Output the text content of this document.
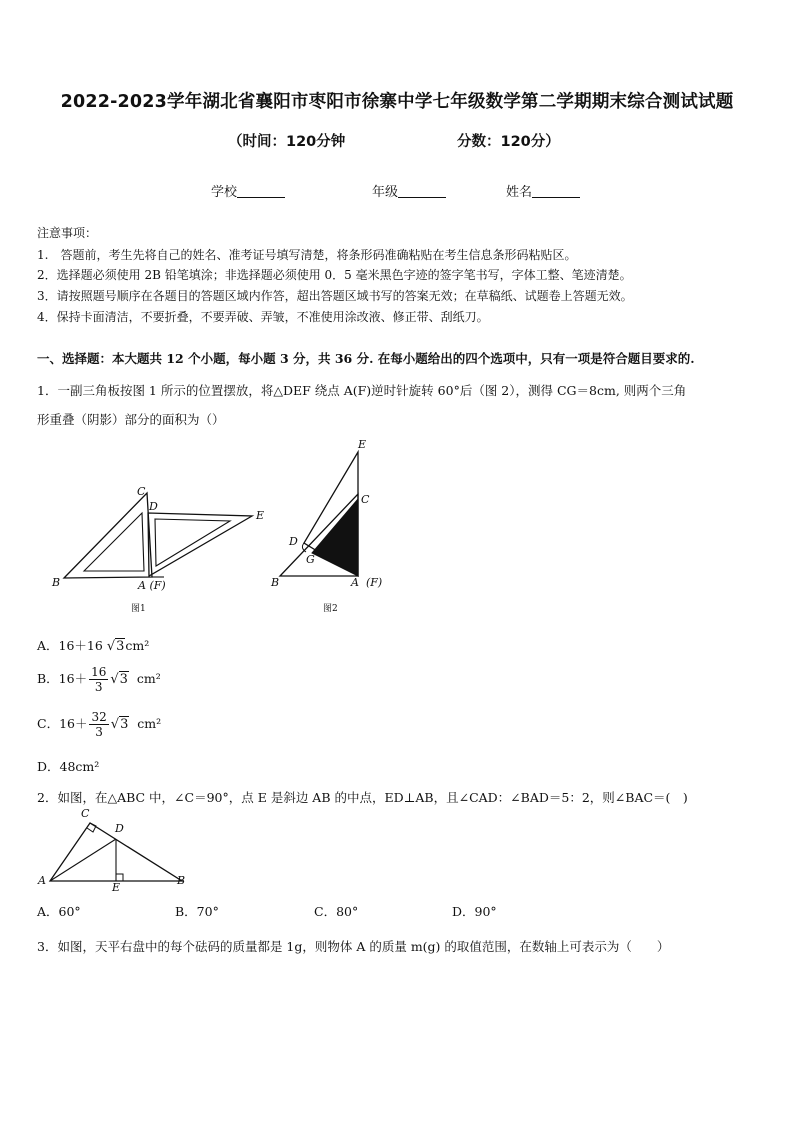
2022-2023学年湖北省襄阳市枣阳市徐寨中学七年级数学第二学期期末综合测试试题
（时间：120分钟	分数：120分）
学校	年级	姓名
注意事项：
1.　答题前，考生先将自己的姓名、准考证号填写清楚，将条形码准确粘贴在考生信息条形码粘贴区。
2．选择题必须使用 2B 铅笔填涂；非选择题必须使用 0．5 毫米黑色字迹的签字笔书写，字体工整、笔迹清楚。
3．请按照题号顺序在各题目的答题区域内作答，超出答题区域书写的答案无效；在草稿纸、试题卷上答题无效。
4．保持卡面清洁，不要折叠，不要弄破、弄皱，不准使用涂改液、修正带、刮纸刀。
一、选择题：本大题共 12 个小题，每小题 3 分，共 36 分. 在每小题给出的四个选项中，只有一项是符合题目要求的.
1．一副三角板按图 1 所示的位置摆放，将△DEF 绕点 A(F)逆时针旋转 60°后（图 2），测得 CG＝8cm, 则两个三角
形重叠（阴影）部分的面积为（）
C
D
E
B	A (F)
图1
E
C
D
G
B	A (F)
图2
A．16＋16 √3cm²
B．$16+ \frac{16}{3} √3$ cm²
C．$16+ \frac{32}{3} √3$ cm²
D．48cm²
2．如图，在△ABC 中，∠C＝90°，点 E 是斜边 AB 的中点，ED⊥AB，且∠CAD：∠BAD＝5：2，则∠BAC＝(　)
C
D
A
E
B
A．60°	B．70°	C．80°	D．90°
3．如图，天平右盘中的每个砝码的质量都是 1g，则物体 A 的质量 m(g) 的取值范围，在数轴上可表示为（　　）
